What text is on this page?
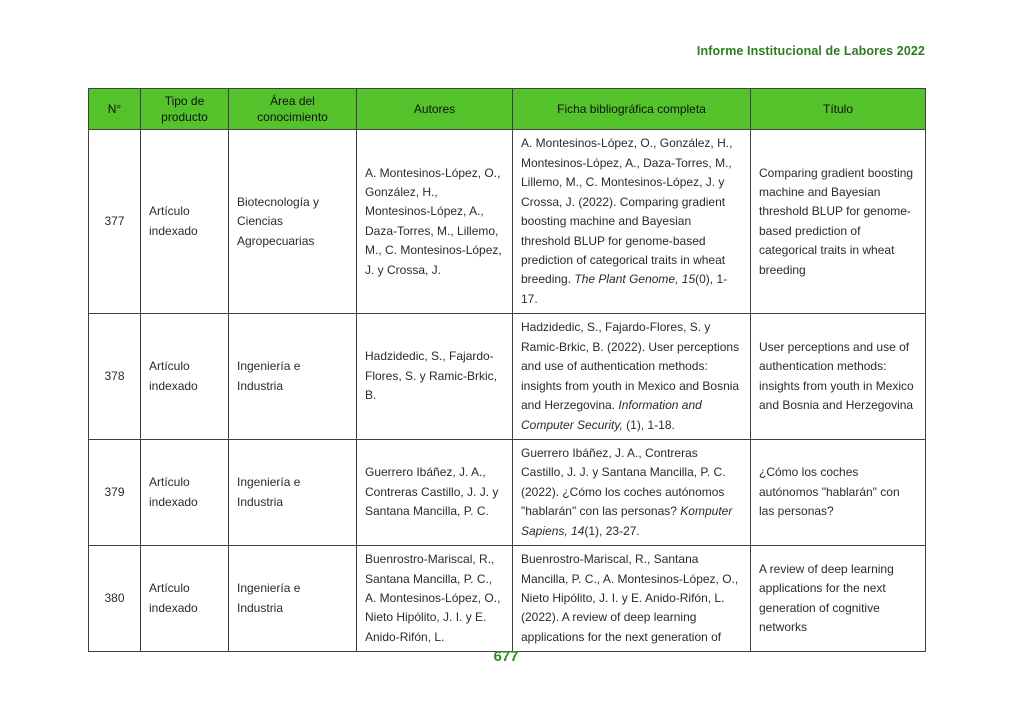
Informe Institucional de Labores 2022
N°	Tipo de producto	Área del conocimiento	Autores	Ficha bibliográfica completa	Título
377	Artículo indexado	Biotecnología y Ciencias Agropecuarias	A. Montesinos-López, O., González, H., Montesinos-López, A., Daza-Torres, M., Lillemo, M., C. Montesinos-López, J. y Crossa, J.	A. Montesinos-López, O., González, H., Montesinos-López, A., Daza-Torres, M., Lillemo, M., C. Montesinos-López, J. y Crossa, J. (2022). Comparing gradient boosting machine and Bayesian threshold BLUP for genome-based prediction of categorical traits in wheat breeding. The Plant Genome, 15(0), 1-17.	Comparing gradient boosting machine and Bayesian threshold BLUP for genome-based prediction of categorical traits in wheat breeding
378	Artículo indexado	Ingeniería e Industria	Hadzidedic, S., Fajardo-Flores, S. y Ramic-Brkic, B.	Hadzidedic, S., Fajardo-Flores, S. y Ramic-Brkic, B. (2022). User perceptions and use of authentication methods: insights from youth in Mexico and Bosnia and Herzegovina. Information and Computer Security, (1), 1-18.	User perceptions and use of authentication methods: insights from youth in Mexico and Bosnia and Herzegovina
379	Artículo indexado	Ingeniería e Industria	Guerrero Ibáñez, J. A., Contreras Castillo, J. J. y Santana Mancilla, P. C.	Guerrero Ibáñez, J. A., Contreras Castillo, J. J. y Santana Mancilla, P. C. (2022). ¿Cómo los coches autónomos "hablarán" con las personas? Komputer Sapiens, 14(1), 23-27.	¿Cómo los coches autónomos "hablarán" con las personas?
380	Artículo indexado	Ingeniería e Industria	Buenrostro-Mariscal, R., Santana Mancilla, P. C., A. Montesinos-López, O., Nieto Hipólito, J. I. y E. Anido-Rifón, L.	Buenrostro-Mariscal, R., Santana Mancilla, P. C., A. Montesinos-López, O., Nieto Hipólito, J. I. y E. Anido-Rifón, L. (2022). A review of deep learning applications for the next generation of	A review of deep learning applications for the next generation of cognitive networks
677
